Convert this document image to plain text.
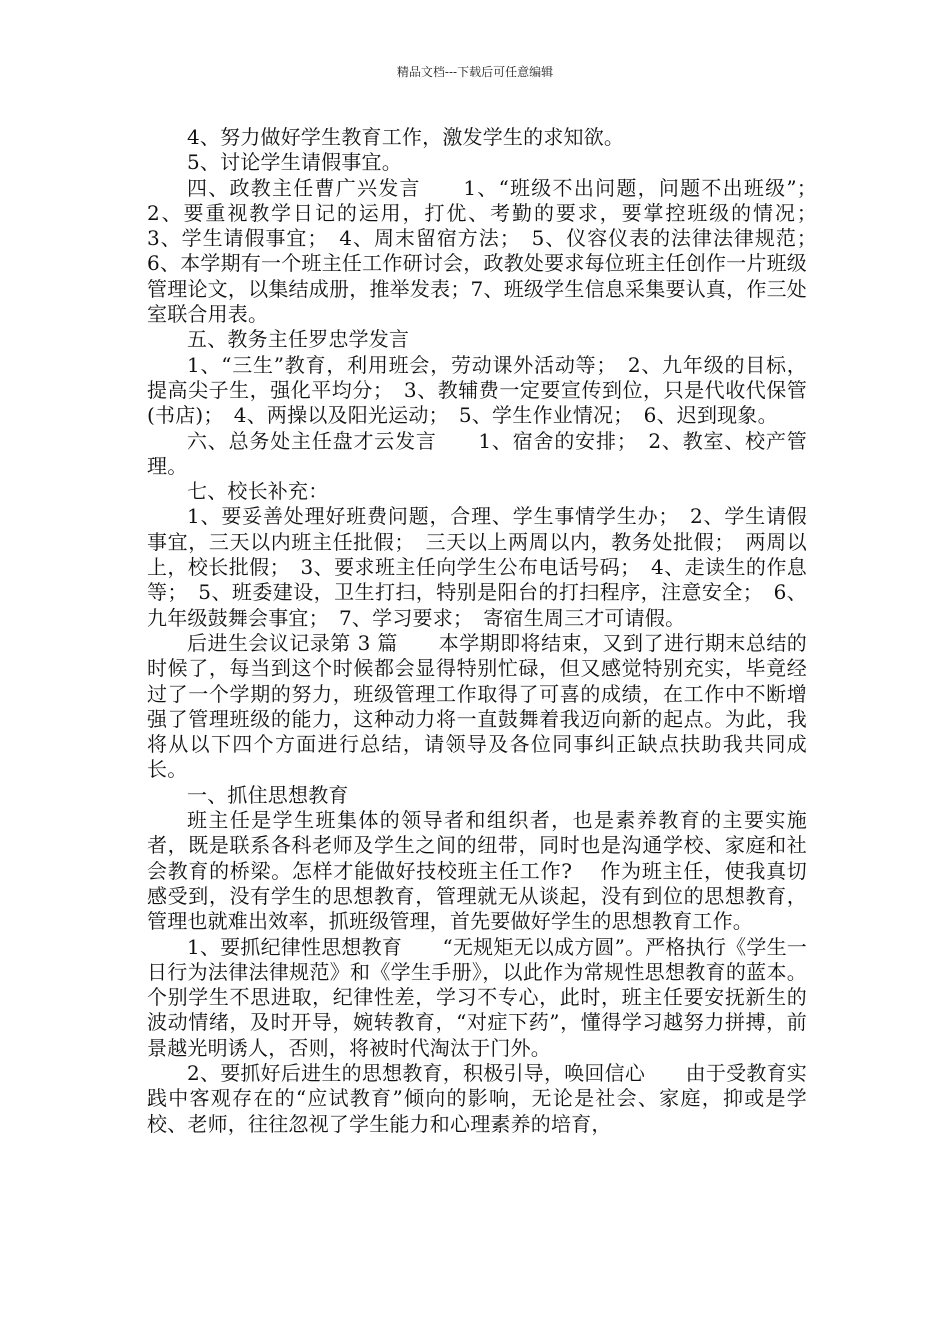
精品文档---下载后可任意编辑

4、努力做好学生教育工作，激发学生的求知欲。

5、讨论学生请假事宜。

四、政教主任曹广兴发言　　1、“班级不出问题，问题不出班级”；　2、要重视教学日记的运用，打优、考勤的要求，要掌控班级的情况；　3、学生请假事宜；　4、周末留宿方法；　5、仪容仪表的法律法律规范；　6、本学期有一个班主任工作研讨会，政教处要求每位班主任创作一片班级管理论文，以集结成册，推举发表；7、班级学生信息采集要认真，作三处室联合用表。

五、教务主任罗忠学发言

1、“三生”教育，利用班会，劳动课外活动等；　2、九年级的目标，提高尖子生，强化平均分；　3、教辅费一定要宣传到位，只是代收代保管(书店)；　4、两操以及阳光运动；　5、学生作业情况；　6、迟到现象。

六、总务处主任盘才云发言　　1、宿舍的安排；　2、教室、校产管理。

七、校长补充：

1、要妥善处理好班费问题，合理、学生事情学生办；　2、学生请假事宜，三天以内班主任批假；　三天以上两周以内，教务处批假；　两周以上，校长批假；　3、要求班主任向学生公布电话号码；　4、走读生的作息等；　5、班委建设，卫生打扫，特别是阳台的打扫程序，注意安全；　6、九年级鼓舞会事宜；　7、学习要求；　寄宿生周三才可请假。

后进生会议记录第 3 篇　　本学期即将结束，又到了进行期末总结的时候了，每当到这个时候都会显得特别忙碌，但又感觉特别充实，毕竟经过了一个学期的努力，班级管理工作取得了可喜的成绩，在工作中不断增强了管理班级的能力，这种动力将一直鼓舞着我迈向新的起点。为此，我将从以下四个方面进行总结，请领导及各位同事纠正缺点扶助我共同成长。

一、抓住思想教育

班主任是学生班集体的领导者和组织者，也是素养教育的主要实施者，既是联系各科老师及学生之间的纽带，同时也是沟通学校、家庭和社会教育的桥梁。怎样才能做好技校班主任工作?　 作为班主任，使我真切感受到，没有学生的思想教育，管理就无从谈起，没有到位的思想教育，管理也就难出效率，抓班级管理，首先要做好学生的思想教育工作。

1、要抓纪律性思想教育　　“无规矩无以成方圆”。严格执行《学生一日行为法律法律规范》和《学生手册》，以此作为常规性思想教育的蓝本。个别学生不思进取，纪律性差，学习不专心，此时，班主任要安抚新生的波动情绪，及时开导，婉转教育，“对症下药”，懂得学习越努力拼搏，前景越光明诱人，否则，将被时代淘汰于门外。

2、要抓好后进生的思想教育，积极引导，唤回信心　　由于受教育实践中客观存在的“应试教育”倾向的影响，无论是社会、家庭，抑或是学校、老师，往往忽视了学生能力和心理素养的培育，
